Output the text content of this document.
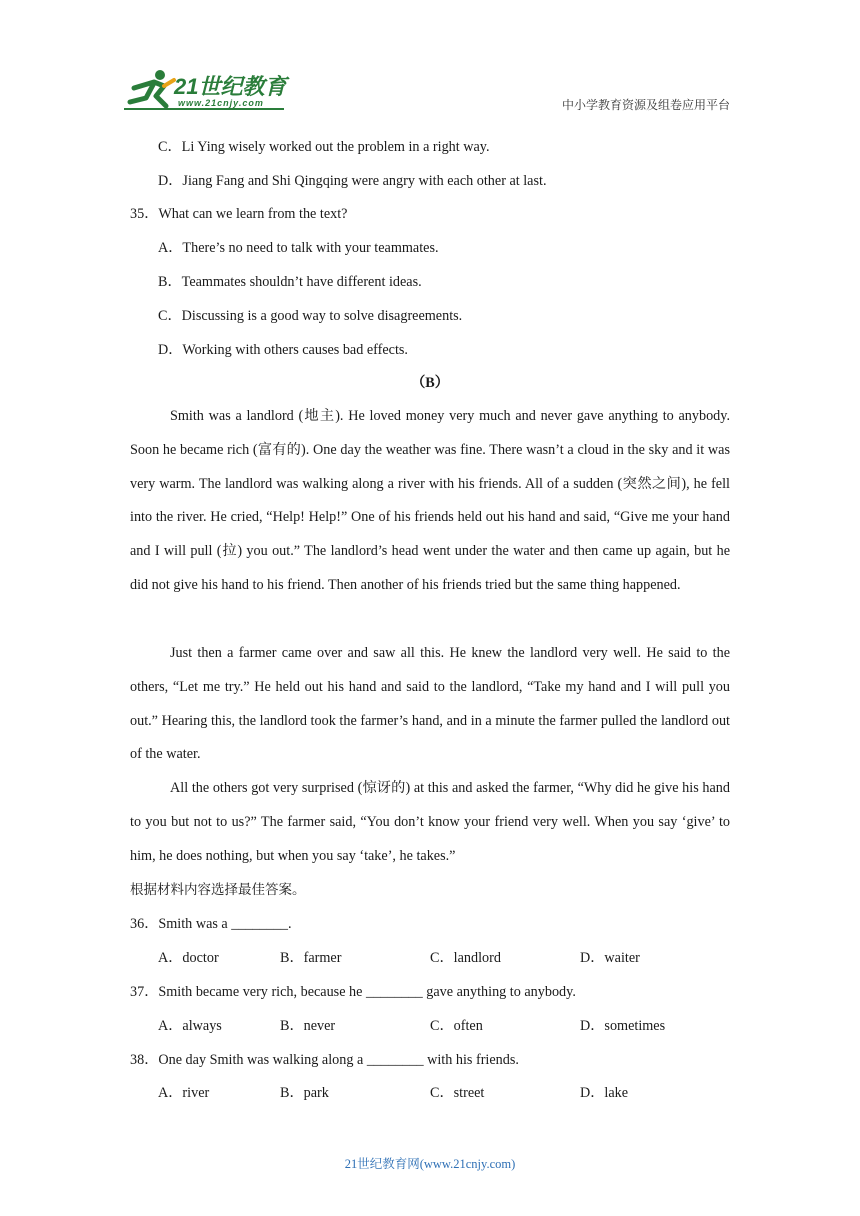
21世纪教育
www.21cnjy.com	中小学教育资源及组卷应用平台
C．Li Ying wisely worked out the problem in a right way.
D．Jiang Fang and Shi Qingqing were angry with each other at last.
35．What can we learn from the text?
A．There’s no need to talk with your teammates.
B．Teammates shouldn’t have different ideas.
C．Discussing is a good way to solve disagreements.
D．Working with others causes bad effects.
（B）

Smith was a landlord (地主). He loved money very much and never gave anything to anybody. Soon he became rich (富有的). One day the weather was fine. There wasn’t a cloud in the sky and it was very warm. The landlord was walking along a river with his friends. All of a sudden (突然之间), he fell into the river. He cried, “Help! Help!” One of his friends held out his hand and said, “Give me your hand and I will pull (拉) you out.” The landlord’s head went under the water and then came up again, but he did not give his hand to his friend. Then another of his friends tried but the same thing happened.

Just then a farmer came over and saw all this. He knew the landlord very well. He said to the others, “Let me try.” He held out his hand and said to the landlord, “Take my hand and I will pull you out.” Hearing this, the landlord took the farmer’s hand, and in a minute the farmer pulled the landlord out of the water.

All the others got very surprised (惊讶的) at this and asked the farmer, “Why did he give his hand to you but not to us?” The farmer said, “You don’t know your friend very well. When you say ‘give’ to him, he does nothing, but when you say ‘take’, he takes.”

根据材料内容选择最佳答案。
36．Smith was a ________.
A．doctor	B．farmer	C．landlord	D．waiter
37．Smith became very rich, because he ________ gave anything to anybody.
A．always	B．never	C．often	D．sometimes
38．One day Smith was walking along a ________ with his friends.
A．river	B．park	C．street	D．lake
21世纪教育网(www.21cnjy.com)
